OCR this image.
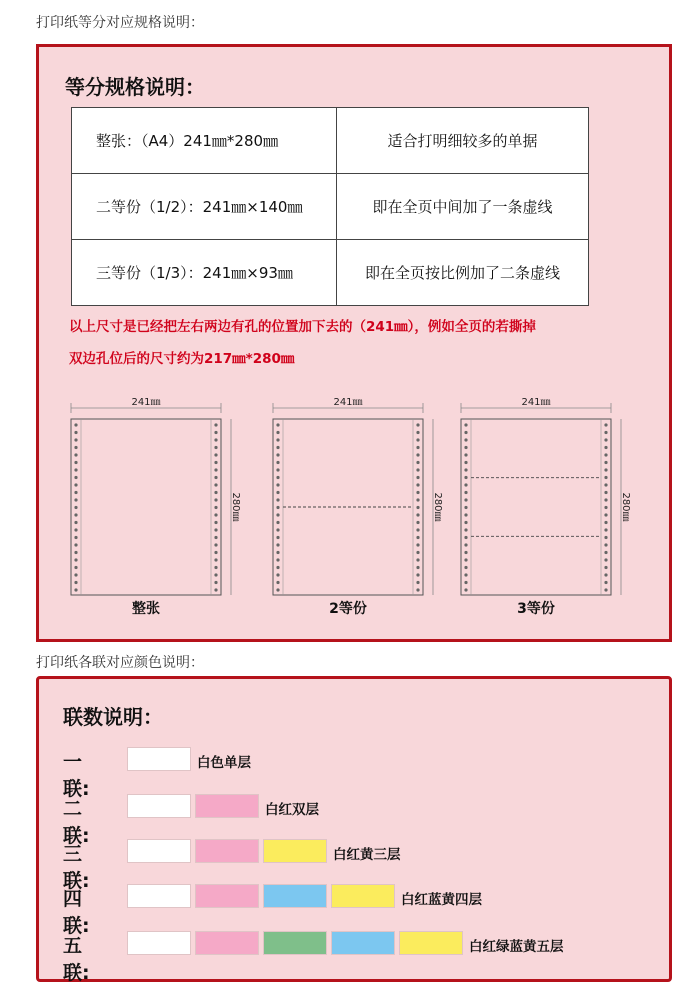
打印纸等分对应规格说明：
等分规格说明：
整张：（A4）241㎜*280㎜	适合打明细较多的单据
二等份（1/2）：241㎜×140㎜	即在全页中间加了一条虚线
三等份（1/3）：241㎜×93㎜	即在全页按比例加了二条虚线
以上尺寸是已经把左右两边有孔的位置加下去的（241㎜），例如全页的若撕掉
双边孔位后的尺寸约为217㎜*280㎜
241㎜
280㎜
整张
241㎜
280㎜
2等份
241㎜
280㎜
3等份
打印纸各联对应颜色说明：
联数说明：
一联:
白色单层
二联:
白红双层
三联:
白红黄三层
四联:
白红蓝黄四层
五联:
白红绿蓝黄五层
